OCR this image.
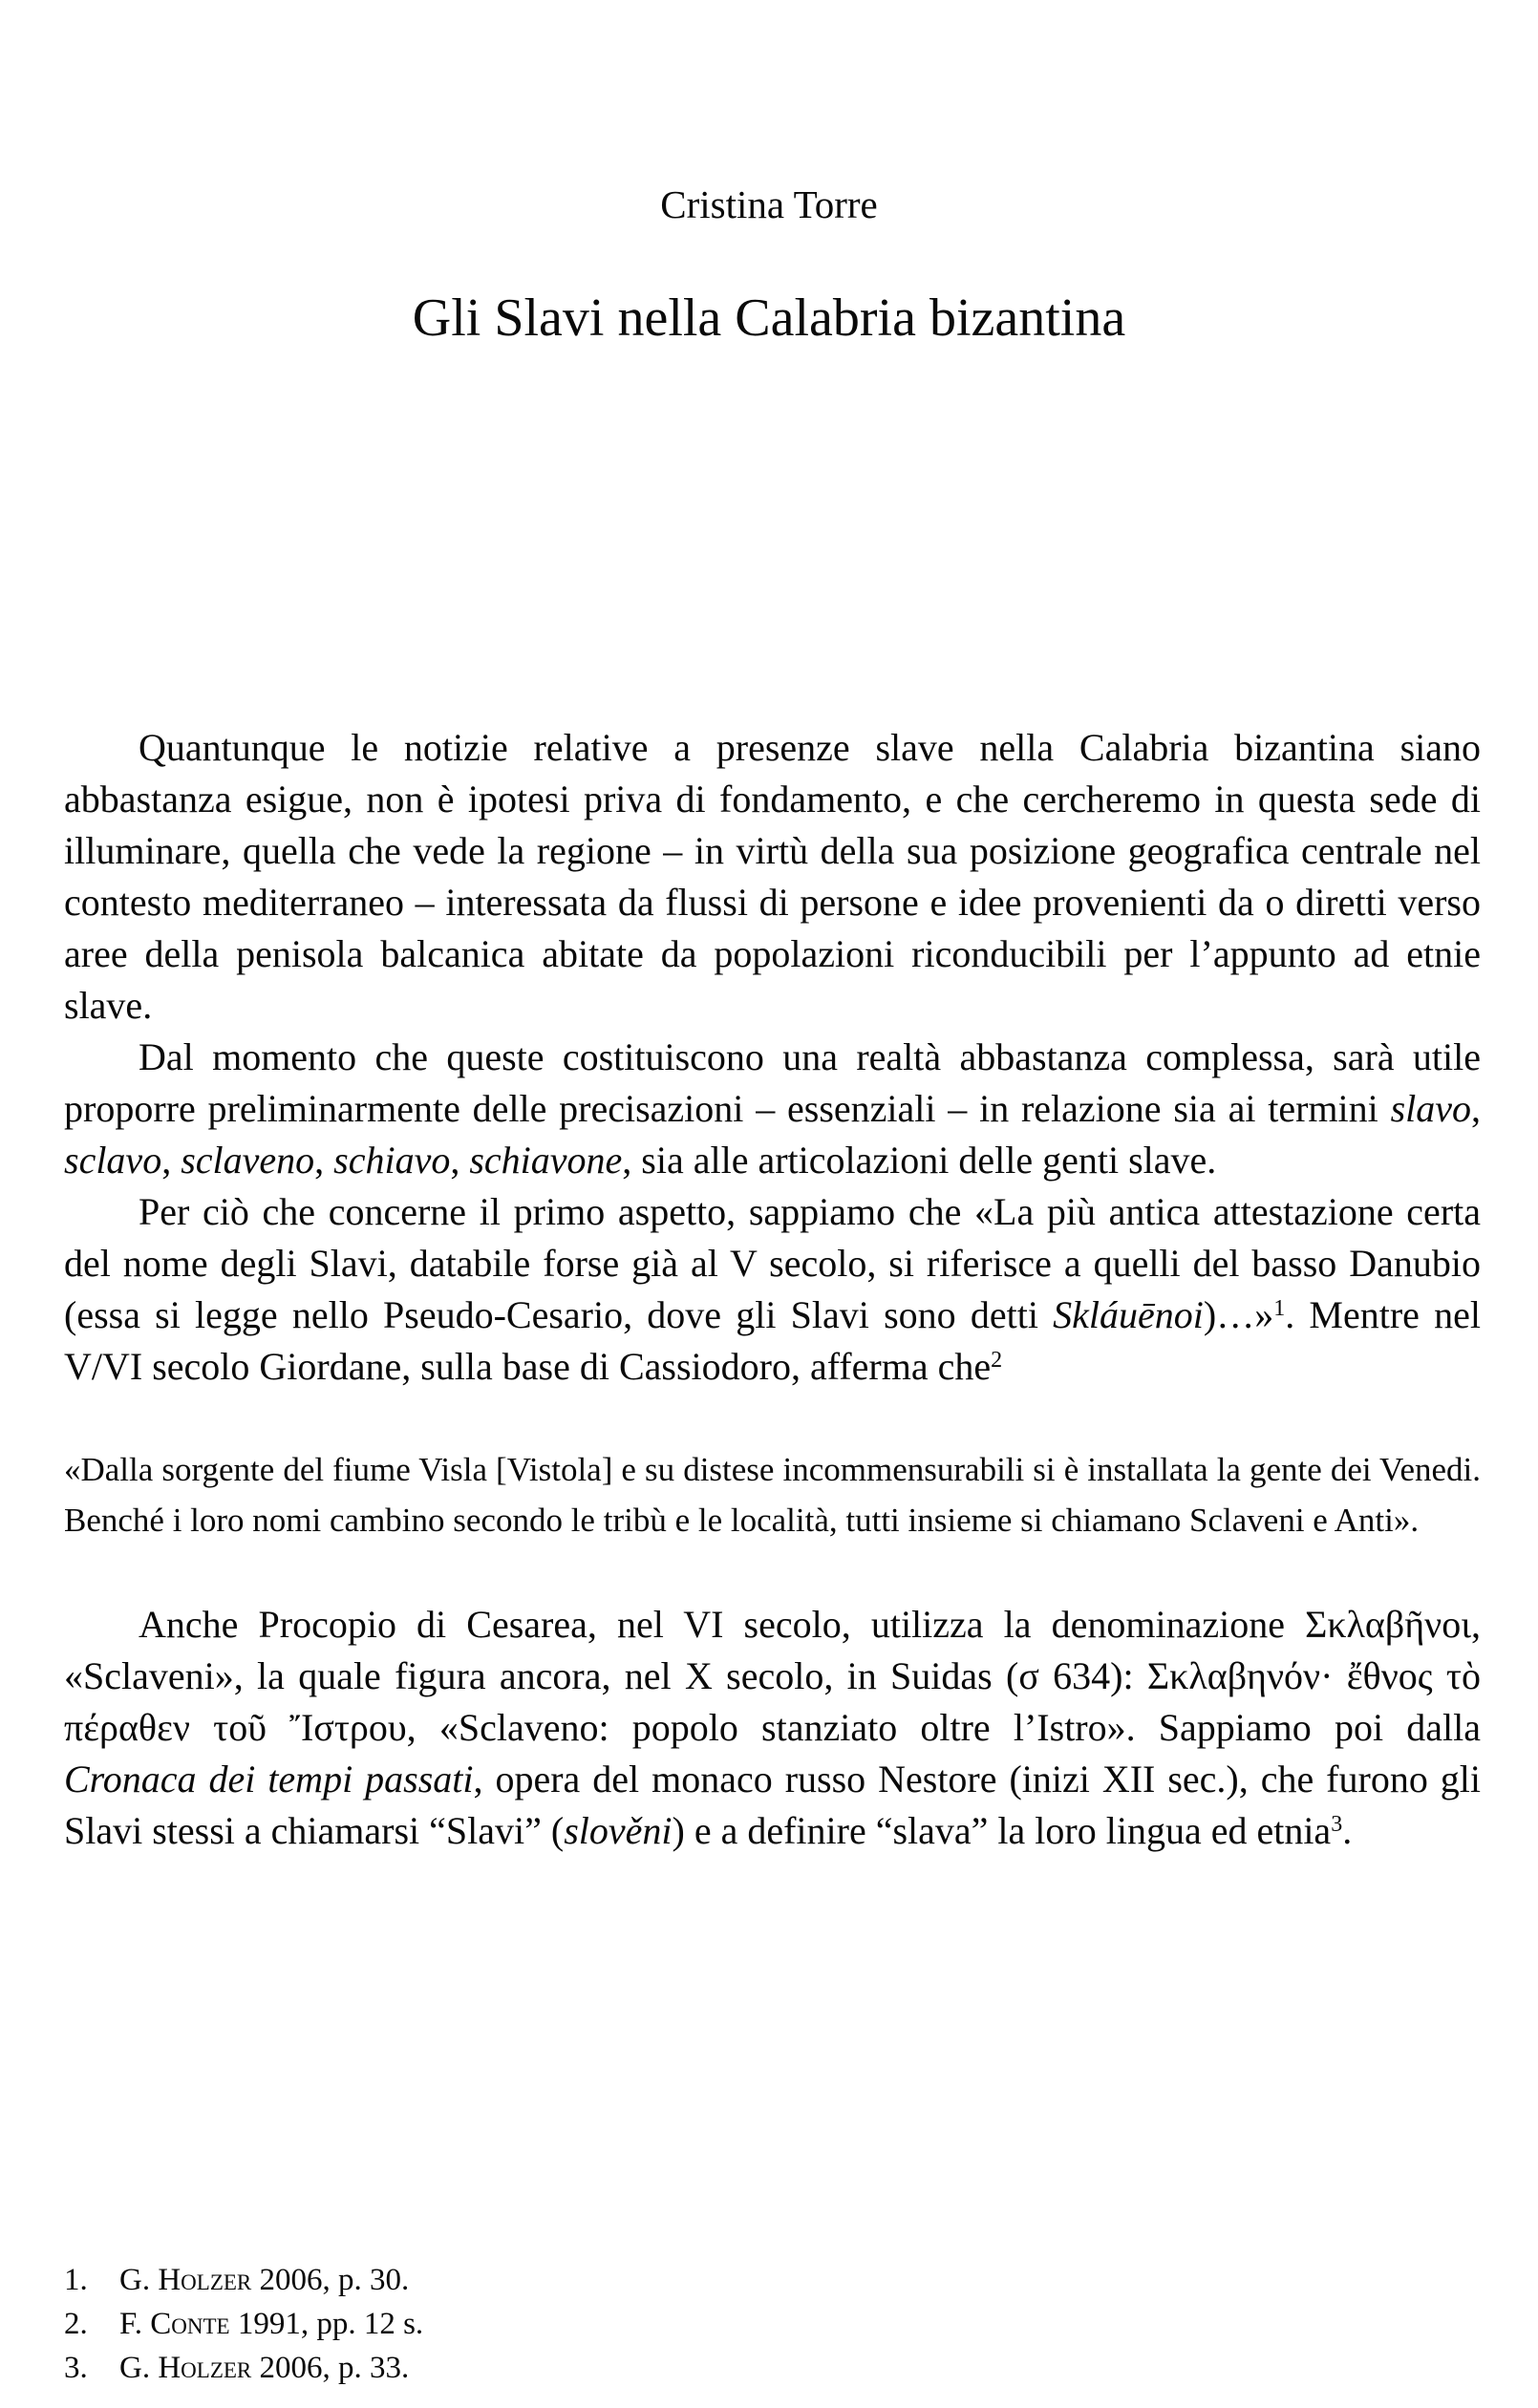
Cristina Torre
Gli Slavi nella Calabria bizantina

Quantunque le notizie relative a presenze slave nella Calabria bizantina siano abbastanza esigue, non è ipotesi priva di fondamento, e che cercheremo in questa sede di illuminare, quella che vede la regione – in virtù della sua posizione geografica centrale nel contesto mediterraneo – interessata da flussi di persone e idee provenienti da o diretti verso aree della penisola balcanica abitate da popolazioni riconducibili per l’appunto ad etnie slave.

Dal momento che queste costituiscono una realtà abbastanza complessa, sarà utile proporre preliminarmente delle precisazioni – essenziali – in relazione sia ai termini slavo, sclavo, sclaveno, schiavo, schiavone, sia alle articolazioni delle genti slave.

Per ciò che concerne il primo aspetto, sappiamo che «La più antica attestazione certa del nome degli Slavi, databile forse già al V secolo, si riferisce a quelli del basso Danubio (essa si legge nello Pseudo-Cesario, dove gli Slavi sono detti Skláuēnoi)…»$^1$. Mentre nel V/VI secolo Giordane, sulla base di Cassiodoro, afferma che$^2$

«Dalla sorgente del fiume Visla [Vistola] e su distese incommensurabili si è installata la gente dei Venedi. Benché i loro nomi cambino secondo le tribù e le località, tutti insieme si chiamano Sclaveni e Anti».

Anche Procopio di Cesarea, nel VI secolo, utilizza la denominazione Σκλαβῆνοι, «Sclaveni», la quale figura ancora, nel X secolo, in Suidas (σ 634): Σκλαβηνόν· ἔθνος τὸ πέραθεν τοῦ Ἴστρου, «Sclaveno: popolo stanziato oltre l’Istro». Sappiamo poi dalla Cronaca dei tempi passati, opera del monaco russo Nestore (inizi XII sec.), che furono gli Slavi stessi a chiamarsi “Slavi” (slověni) e a definire “slava” la loro lingua ed etnia$^3$.

1.	G. Holzer 2006, p. 30.
2.	F. Conte 1991, pp. 12 s.
3.	G. Holzer 2006, p. 33.
